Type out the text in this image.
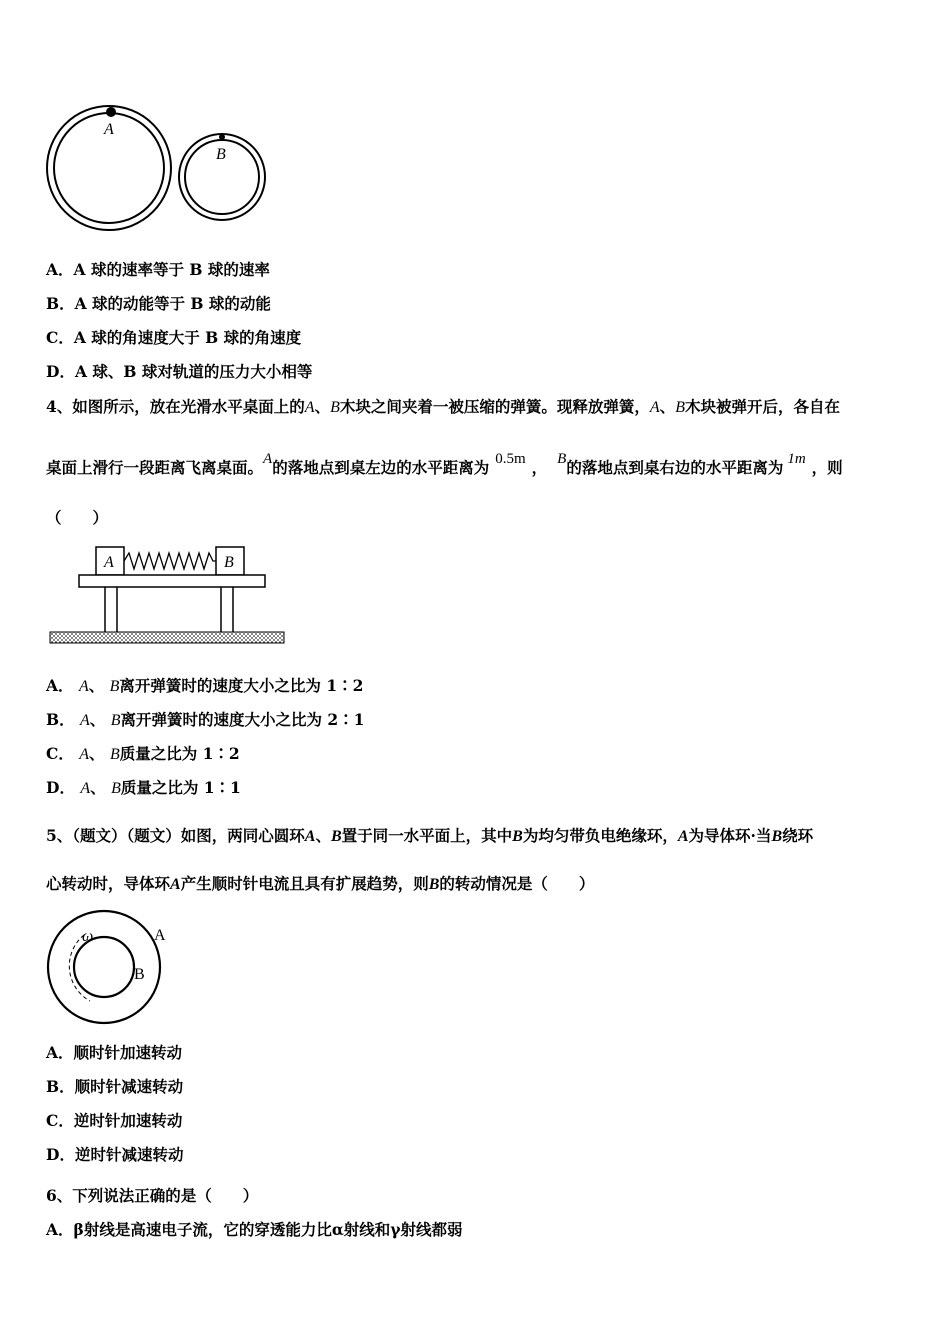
A
B
A．A 球的速率等于 B 球的速率
B．A 球的动能等于 B 球的动能
C．A 球的角速度大于 B 球的角速度
D．A 球、B 球对轨道的压力大小相等
4、如图所示，放在光滑水平桌面上的A、B木块之间夹着一被压缩的弹簧。现释放弹簧，A、B木块被弹开后，各自在
桌面上滑行一段距离飞离桌面。A的落地点到桌左边的水平距离为 0.5m ， B的落地点到桌右边的水平距离为 1m ，则
（　　）
A	B
A． A、 B离开弹簧时的速度大小之比为 1∶2
B． A、 B离开弹簧时的速度大小之比为 2∶1
C． A、 B质量之比为 1∶2
D． A、 B质量之比为 1∶1
5、（题文）（题文）如图，两同心圆环A、B置于同一水平面上，其中B为均匀带负电绝缘环，A为导体环·当B绕环
心转动时，导体环A产生顺时针电流且具有扩展趋势，则B的转动情况是（　　）
ω	A
B
A．顺时针加速转动
B．顺时针减速转动
C．逆时针加速转动
D．逆时针减速转动
6、下列说法正确的是（　　）
A．β射线是高速电子流，它的穿透能力比α射线和γ射线都弱
